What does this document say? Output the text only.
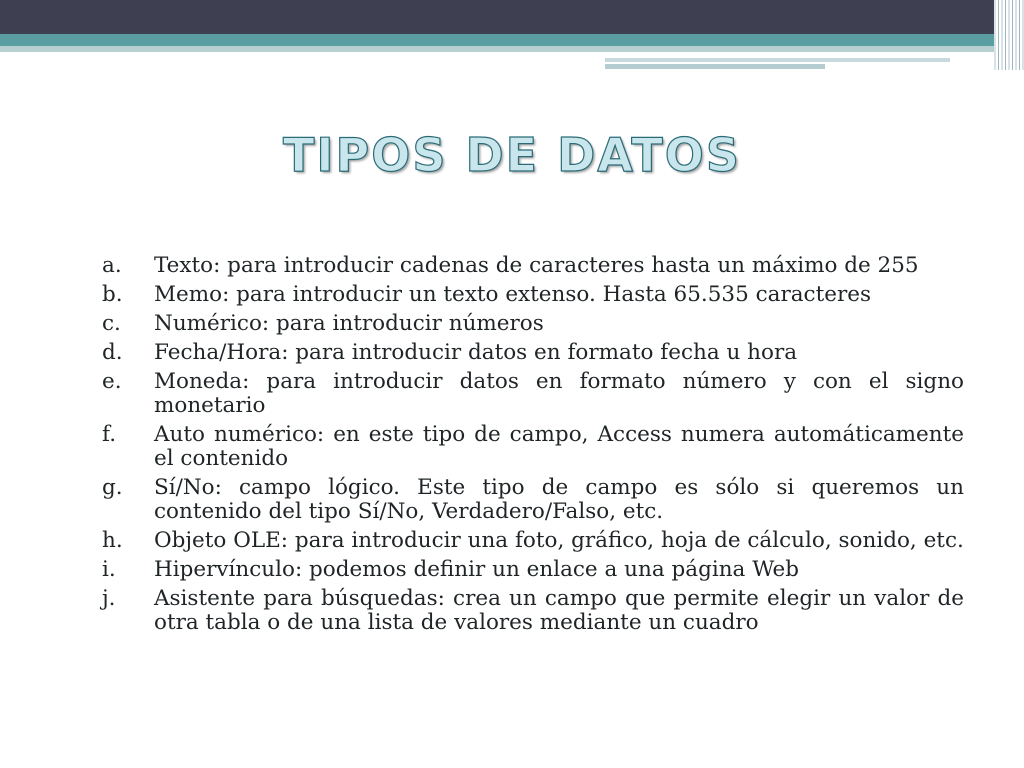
TIPOS DE DATOS
a. Texto: para introducir cadenas de caracteres hasta un máximo de 255
b. Memo: para introducir un texto extenso. Hasta 65.535 caracteres
c. Numérico: para introducir números
d. Fecha/Hora: para introducir datos en formato fecha u hora
e. Moneda: para introducir datos en formato número y con el signo monetario
f. Auto numérico: en este tipo de campo, Access numera automáticamente el contenido
g. Sí/No: campo lógico. Este tipo de campo es sólo si queremos un contenido del tipo Sí/No, Verdadero/Falso, etc.
h. Objeto OLE: para introducir una foto, gráfico, hoja de cálculo, sonido, etc.
i. Hipervínculo: podemos definir un enlace a una página Web
j. Asistente para búsquedas: crea un campo que permite elegir un valor de otra tabla o de una lista de valores mediante un cuadro
